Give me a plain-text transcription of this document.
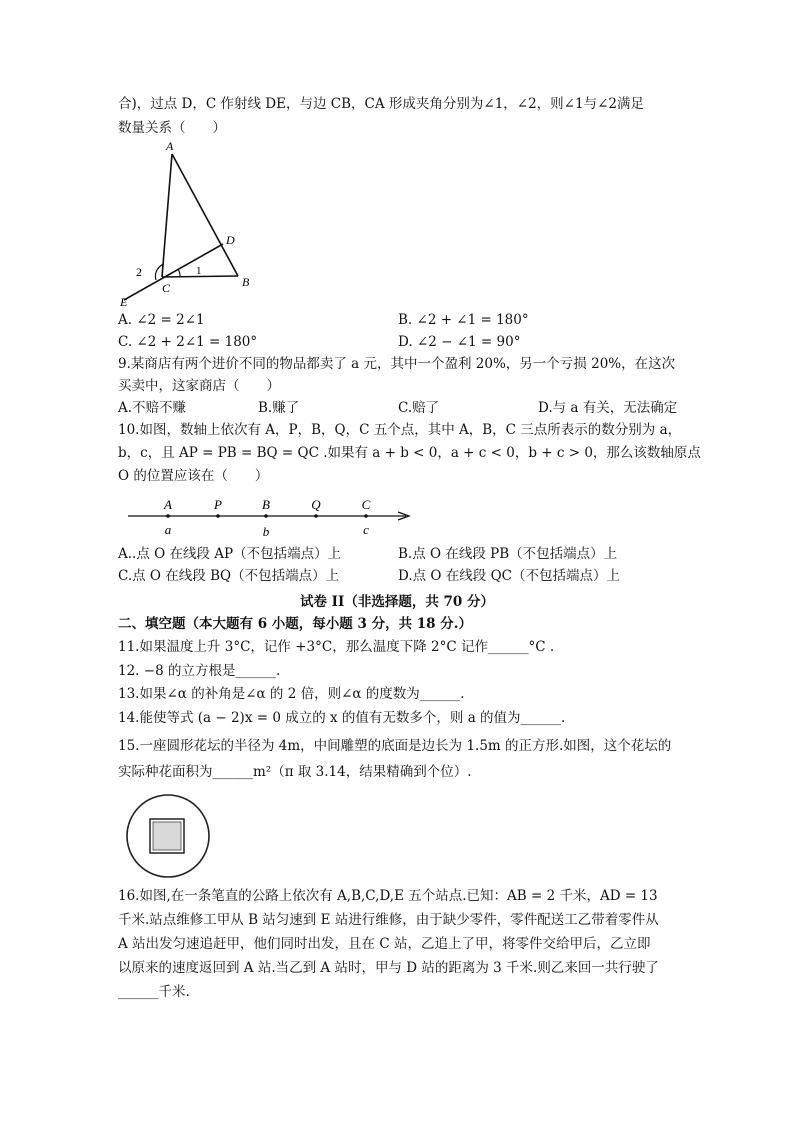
合)，过点 D，C 作射线 DE，与边 CB，CA 形成夹角分别为∠1，∠2，则∠1与∠2满足
数量关系（　　）
A
D
C	B
E
1
2
A. ∠2 = 2∠1	B. ∠2 + ∠1 = 180°
C. ∠2 + 2∠1 = 180°	D. ∠2 − ∠1 = 90°
9.某商店有两个进价不同的物品都卖了 a 元，其中一个盈利 20%，另一个亏损 20%，在这次
买卖中，这家商店（　　）
A.不赔不赚	B.赚了	C.赔了	D.与 a 有关，无法确定
10.如图，数轴上依次有 A，P，B，Q，C 五个点，其中 A，B，C 三点所表示的数分别为 a，
b，c，且 AP = PB = BQ = QC .如果有 a + b < 0，a + c < 0，b + c > 0，那么该数轴原点
O 的位置应该在（　　）
A	P	B	Q	C
a	b	c
A..点 O 在线段 AP（不包括端点）上	B.点 O 在线段 PB（不包括端点）上
C.点 O 在线段 BQ（不包括端点）上	D.点 O 在线段 QC（不包括端点）上
试卷 II（非选择题，共 70 分）
二、填空题（本大题有 6 小题，每小题 3 分，共 18 分.）
11.如果温度上升 3°C，记作 +3°C，那么温度下降 2°C 记作______°C .
12. −8 的立方根是______.
13.如果∠α 的补角是∠α 的 2 倍，则∠α 的度数为______.
14.能使等式 (a − 2)x = 0 成立的 x 的值有无数多个，则 a 的值为______.
15.一座圆形花坛的半径为 4m，中间雕塑的底面是边长为 1.5m 的正方形.如图，这个花坛的
实际种花面积为______m²（π 取 3.14，结果精确到个位）.
16.如图,在一条笔直的公路上依次有 A,B,C,D,E 五个站点.已知：AB = 2 千米，AD = 13
千米.站点维修工甲从 B 站匀速到 E 站进行维修，由于缺少零件，零件配送工乙带着零件从
A 站出发匀速追赶甲，他们同时出发，且在 C 站，乙追上了甲，将零件交给甲后，乙立即
以原来的速度返回到 A 站.当乙到 A 站时，甲与 D 站的距离为 3 千米.则乙来回一共行驶了
______千米.
